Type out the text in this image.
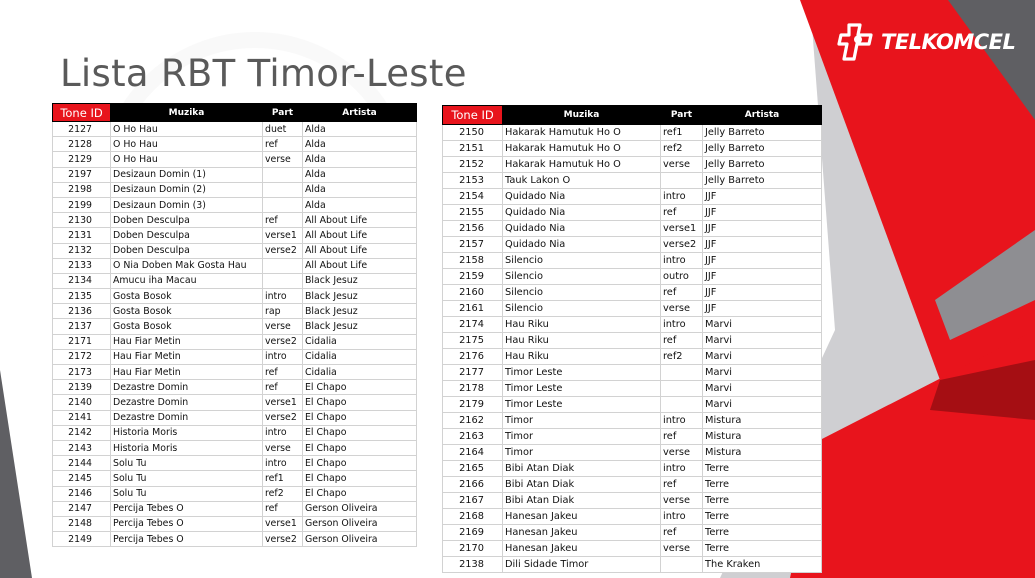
Lista RBT Timor-Leste
TELKOMCEL
Tone ID	Muzika	Part	Artista
2127	O Ho Hau	duet	Alda
2128	O Ho Hau	ref	Alda
2129	O Ho Hau	verse	Alda
2197	Desizaun Domin (1)		Alda
2198	Desizaun Domin (2)		Alda
2199	Desizaun Domin (3)		Alda
2130	Doben Desculpa	ref	All About Life
2131	Doben Desculpa	verse1	All About Life
2132	Doben Desculpa	verse2	All About Life
2133	O Nia Doben Mak Gosta Hau		All About Life
2134	Amucu iha Macau		Black Jesuz
2135	Gosta Bosok	intro	Black Jesuz
2136	Gosta Bosok	rap	Black Jesuz
2137	Gosta Bosok	verse	Black Jesuz
2171	Hau Fiar Metin	verse2	Cidalia
2172	Hau Fiar Metin	intro	Cidalia
2173	Hau Fiar Metin	ref	Cidalia
2139	Dezastre Domin	ref	El Chapo
2140	Dezastre Domin	verse1	El Chapo
2141	Dezastre Domin	verse2	El Chapo
2142	Historia Moris	intro	El Chapo
2143	Historia Moris	verse	El Chapo
2144	Solu Tu	intro	El Chapo
2145	Solu Tu	ref1	El Chapo
2146	Solu Tu	ref2	El Chapo
2147	Percija Tebes O	ref	Gerson Oliveira
2148	Percija Tebes O	verse1	Gerson Oliveira
2149	Percija Tebes O	verse2	Gerson Oliveira
Tone ID	Muzika	Part	Artista
2150	Hakarak Hamutuk Ho O	ref1	Jelly Barreto
2151	Hakarak Hamutuk Ho O	ref2	Jelly Barreto
2152	Hakarak Hamutuk Ho O	verse	Jelly Barreto
2153	Tauk Lakon O		Jelly Barreto
2154	Quidado Nia	intro	JJF
2155	Quidado Nia	ref	JJF
2156	Quidado Nia	verse1	JJF
2157	Quidado Nia	verse2	JJF
2158	Silencio	intro	JJF
2159	Silencio	outro	JJF
2160	Silencio	ref	JJF
2161	Silencio	verse	JJF
2174	Hau Riku	intro	Marvi
2175	Hau Riku	ref	Marvi
2176	Hau Riku	ref2	Marvi
2177	Timor Leste		Marvi
2178	Timor Leste		Marvi
2179	Timor Leste		Marvi
2162	Timor	intro	Mistura
2163	Timor	ref	Mistura
2164	Timor	verse	Mistura
2165	Bibi Atan Diak	intro	Terre
2166	Bibi Atan Diak	ref	Terre
2167	Bibi Atan Diak	verse	Terre
2168	Hanesan Jakeu	intro	Terre
2169	Hanesan Jakeu	ref	Terre
2170	Hanesan Jakeu	verse	Terre
2138	Dili Sidade Timor		The Kraken
